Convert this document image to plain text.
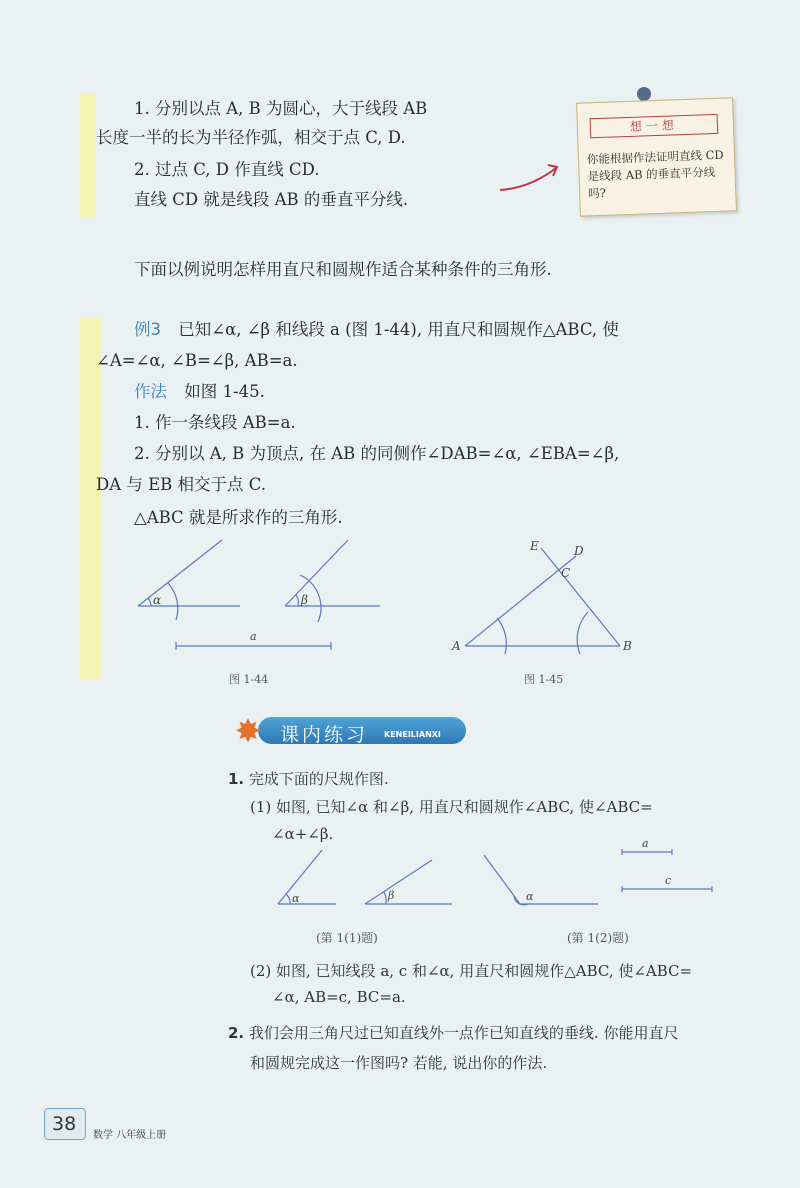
1. 分别以点 A, B 为圆心，大于线段 AB
长度一半的长为半径作弧，相交于点 C, D.
2. 过点 C, D 作直线 CD.
直线 CD 就是线段 AB 的垂直平分线.
想一想
你能根据作法证明直线 CD 是线段 AB 的垂直平分线吗?
下面以例说明怎样用直尺和圆规作适合某种条件的三角形.
例3 已知∠α, ∠β 和线段 a (图 1-44), 用直尺和圆规作△ABC, 使
∠A=∠α, ∠B=∠β, AB=a.
作法 如图 1-45.
1. 作一条线段 AB=a.
2. 分别以 A, B 为顶点, 在 AB 的同侧作∠DAB=∠α, ∠EBA=∠β,
DA 与 EB 相交于点 C.
△ABC 就是所求作的三角形.
α	β
a
A	B
C
D
E
α	β	α
a
c
图 1-44	图 1-45
✸ 课内练习 KENEILIANXI
1. 完成下面的尺规作图.
(1) 如图, 已知∠α 和∠β, 用直尺和圆规作∠ABC, 使∠ABC=
∠α+∠β.
(第 1(1)题)	(第 1(2)题)
(2) 如图, 已知线段 a, c 和∠α, 用直尺和圆规作△ABC, 使∠ABC=
∠α, AB=c, BC=a.
2. 我们会用三角尺过已知直线外一点作已知直线的垂线. 你能用直尺
和圆规完成这一作图吗? 若能, 说出你的作法.
38
数学 八年级上册
